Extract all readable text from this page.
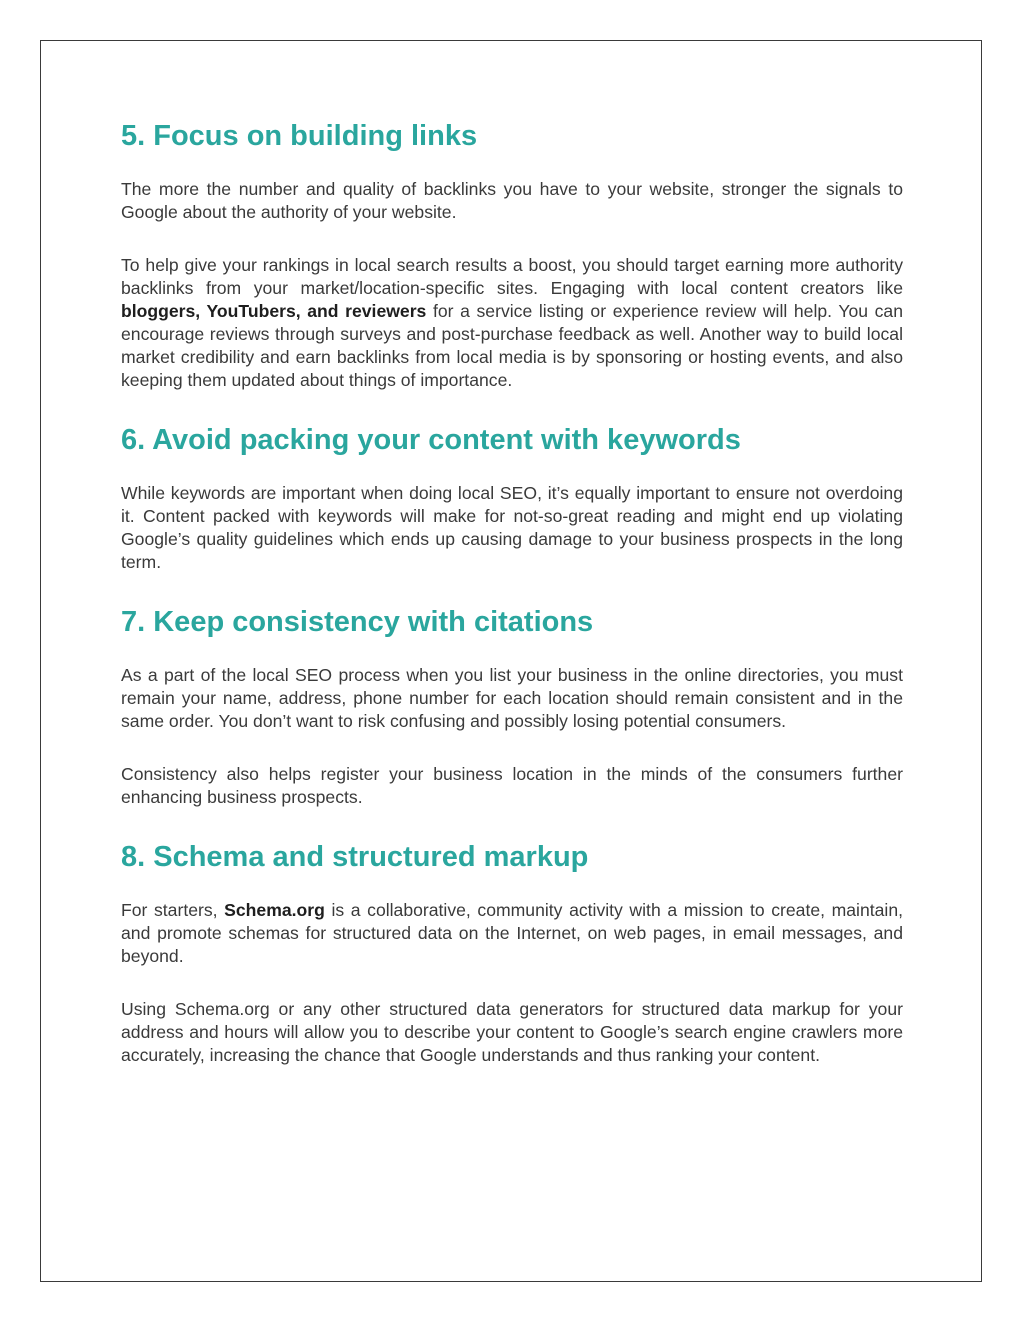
5. Focus on building links

The more the number and quality of backlinks you have to your website, stronger the signals to Google about the authority of your website.

To help give your rankings in local search results a boost, you should target earning more authority backlinks from your market/location-specific sites. Engaging with local content creators like bloggers, YouTubers, and reviewers for a service listing or experience review will help. You can encourage reviews through surveys and post-purchase feedback as well. Another way to build local market credibility and earn backlinks from local media is by sponsoring or hosting events, and also keeping them updated about things of importance.

6. Avoid packing your content with keywords

While keywords are important when doing local SEO, it’s equally important to ensure not overdoing it. Content packed with keywords will make for not-so-great reading and might end up violating Google’s quality guidelines which ends up causing damage to your business prospects in the long term.

7. Keep consistency with citations

As a part of the local SEO process when you list your business in the online directories, you must remain your name, address, phone number for each location should remain consistent and in the same order. You don’t want to risk confusing and possibly losing potential consumers.

Consistency also helps register your business location in the minds of the consumers further enhancing business prospects.

8. Schema and structured markup

For starters, Schema.org is a collaborative, community activity with a mission to create, maintain, and promote schemas for structured data on the Internet, on web pages, in email messages, and beyond.

Using Schema.org or any other structured data generators for structured data markup for your address and hours will allow you to describe your content to Google’s search engine crawlers more accurately, increasing the chance that Google understands and thus ranking your content.
